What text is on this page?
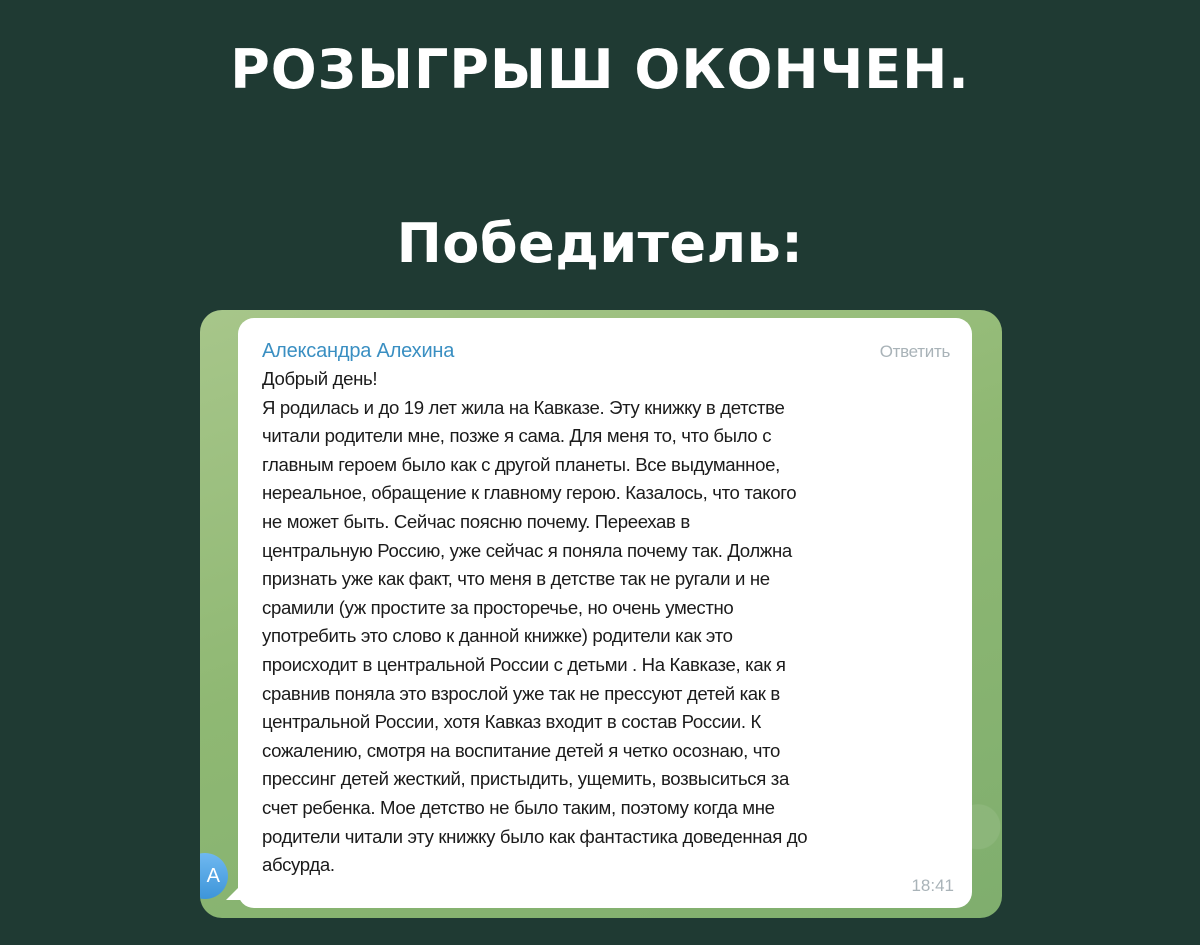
РОЗЫГРЫШ ОКОНЧЕН.
Победитель:
Александра Алехина	Ответить
Добрый день!
Я родилась и до 19 лет жила на Кавказе. Эту книжку в детстве
читали родители мне, позже я сама. Для меня то, что было с
главным героем было как с другой планеты. Все выдуманное,
нереальное, обращение к главному герою. Казалось, что такого
не может быть. Сейчас поясню почему. Переехав в
центральную Россию, уже сейчас я поняла почему так. Должна
признать уже как факт, что меня в детстве так не ругали и не
срамили (уж простите за просторечье, но очень уместно
употребить это слово к данной книжке) родители как это
происходит в центральной России с детьми . На Кавказе, как я
сравнив поняла это взрослой уже так не прессуют детей как в
центральной России, хотя Кавказ входит в состав России. К
сожалению, смотря на воспитание детей я четко осознаю, что
прессинг детей жесткий, пристыдить, ущемить, возвыситься за
счет ребенка. Мое детство не было таким, поэтому когда мне
родители читали эту книжку было как фантастика доведенная до
абсурда.
18:41
А
